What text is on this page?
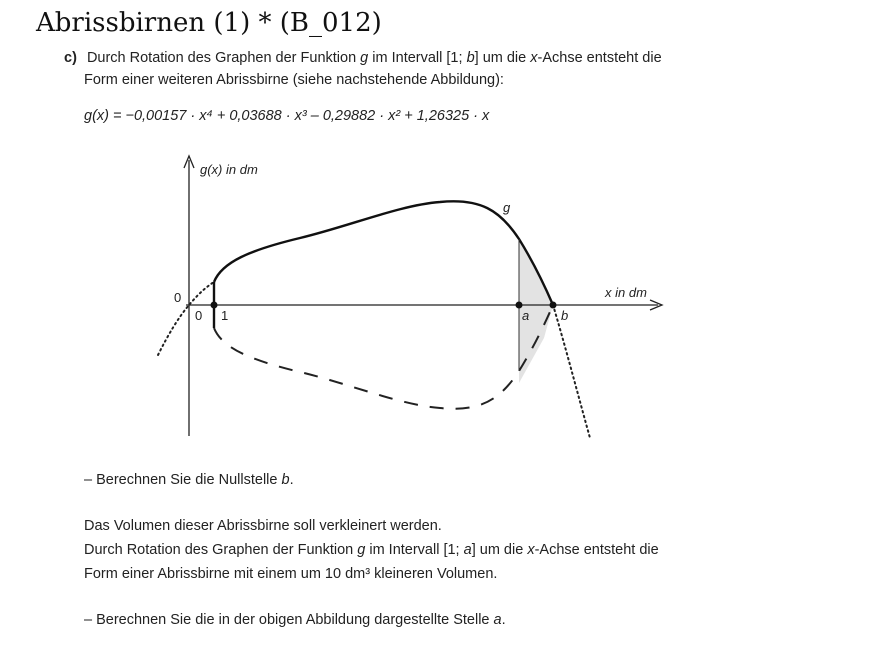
Abrissbirnen (1) * (B_012)
c) Durch Rotation des Graphen der Funktion g im Intervall [1; b] um die x-Achse entsteht die
Form einer weiteren Abrissbirne (siehe nachstehende Abbildung):
g(x) = −0,00157 · x⁴ + 0,03688 · x³ – 0,29882 · x² + 1,26325 · x
g(x) in dm
x in dm
0
0 1	a b
g
– Berechnen Sie die Nullstelle b.
Das Volumen dieser Abrissbirne soll verkleinert werden.
Durch Rotation des Graphen der Funktion g im Intervall [1; a] um die x-Achse entsteht die
Form einer Abrissbirne mit einem um 10 dm³ kleineren Volumen.
– Berechnen Sie die in der obigen Abbildung dargestellte Stelle a.
